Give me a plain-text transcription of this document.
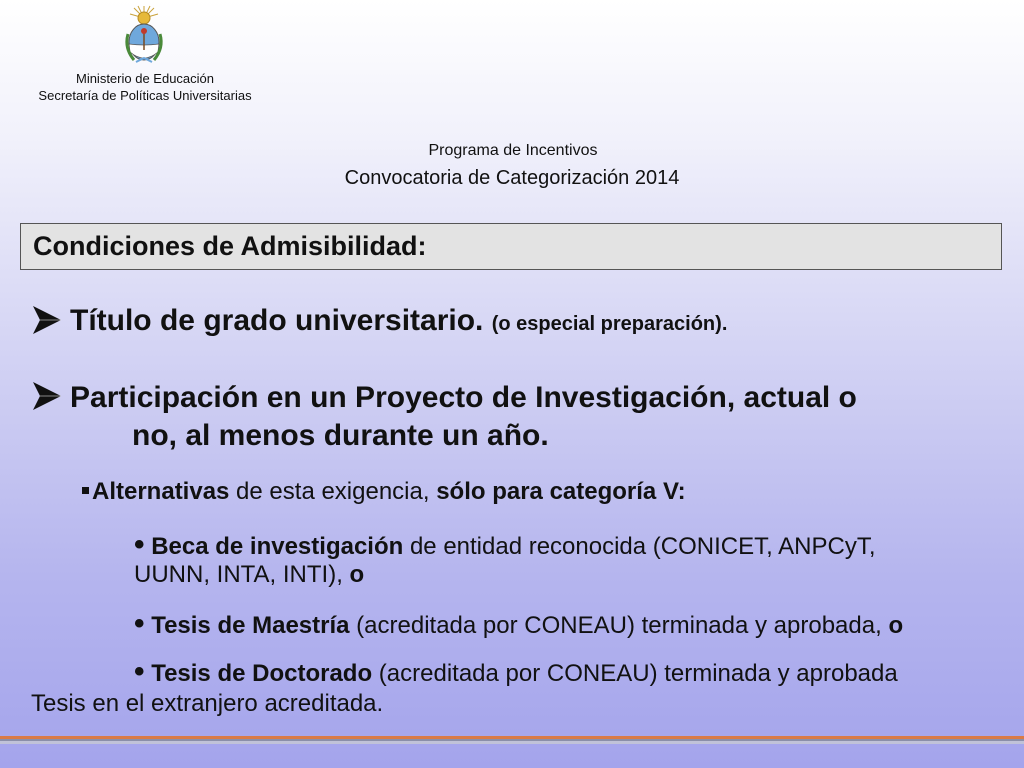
Ministerio de Educación
Secretaría de Políticas Universitarias
Programa de Incentivos
Convocatoria de Categorización 2014
Condiciones de Admisibilidad:
Título de grado universitario. (o especial preparación).
Participación en un Proyecto de Investigación, actual o
no, al menos durante un año.
Alternativas de esta exigencia, sólo para categoría V:
• Beca de investigación de entidad reconocida (CONICET, ANPCyT,
UUNN, INTA, INTI), o
• Tesis de Maestría (acreditada por CONEAU) terminada y aprobada, o
• Tesis de Doctorado (acreditada por CONEAU) terminada y aprobada
Tesis en el extranjero acreditada.
